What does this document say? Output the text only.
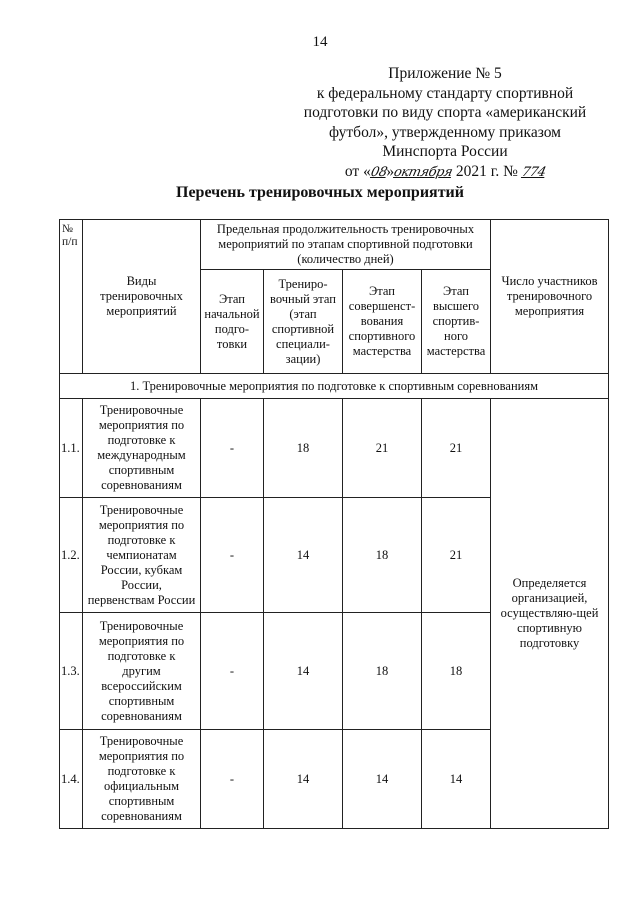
14
Приложение № 5
к федеральному стандарту спортивной
подготовки по виду спорта «американский
футбол», утвержденному приказом
Минспорта России
от «08»октября 2021 г. № 774
Перечень тренировочных мероприятий
№ п/п	Виды тренировочных мероприятий	Предельная продолжительность тренировочных мероприятий по этапам спортивной подготовки (количество дней)				Число участников тренировочного мероприятия
		Этап начальной подго-товки	Трениро-вочный этап (этап спортивной специали-зации)	Этап совершенст-вования спортивного мастерства	Этап высшего спортив-ного мастерства	
1. Тренировочные мероприятия по подготовке к спортивным соревнованиям						
1.1.	Тренировочные мероприятия по подготовке к международным спортивным соревнованиям	-	18	21	21	Определяется организацией, осуществляю-щей спортивную подготовку
1.2.	Тренировочные мероприятия по подготовке к чемпионатам России, кубкам России, первенствам России	-	14	18	21	
1.3.	Тренировочные мероприятия по подготовке к другим всероссийским спортивным соревнованиям	-	14	18	18	
1.4.	Тренировочные мероприятия по подготовке к официальным спортивным соревнованиям	-	14	14	14	
